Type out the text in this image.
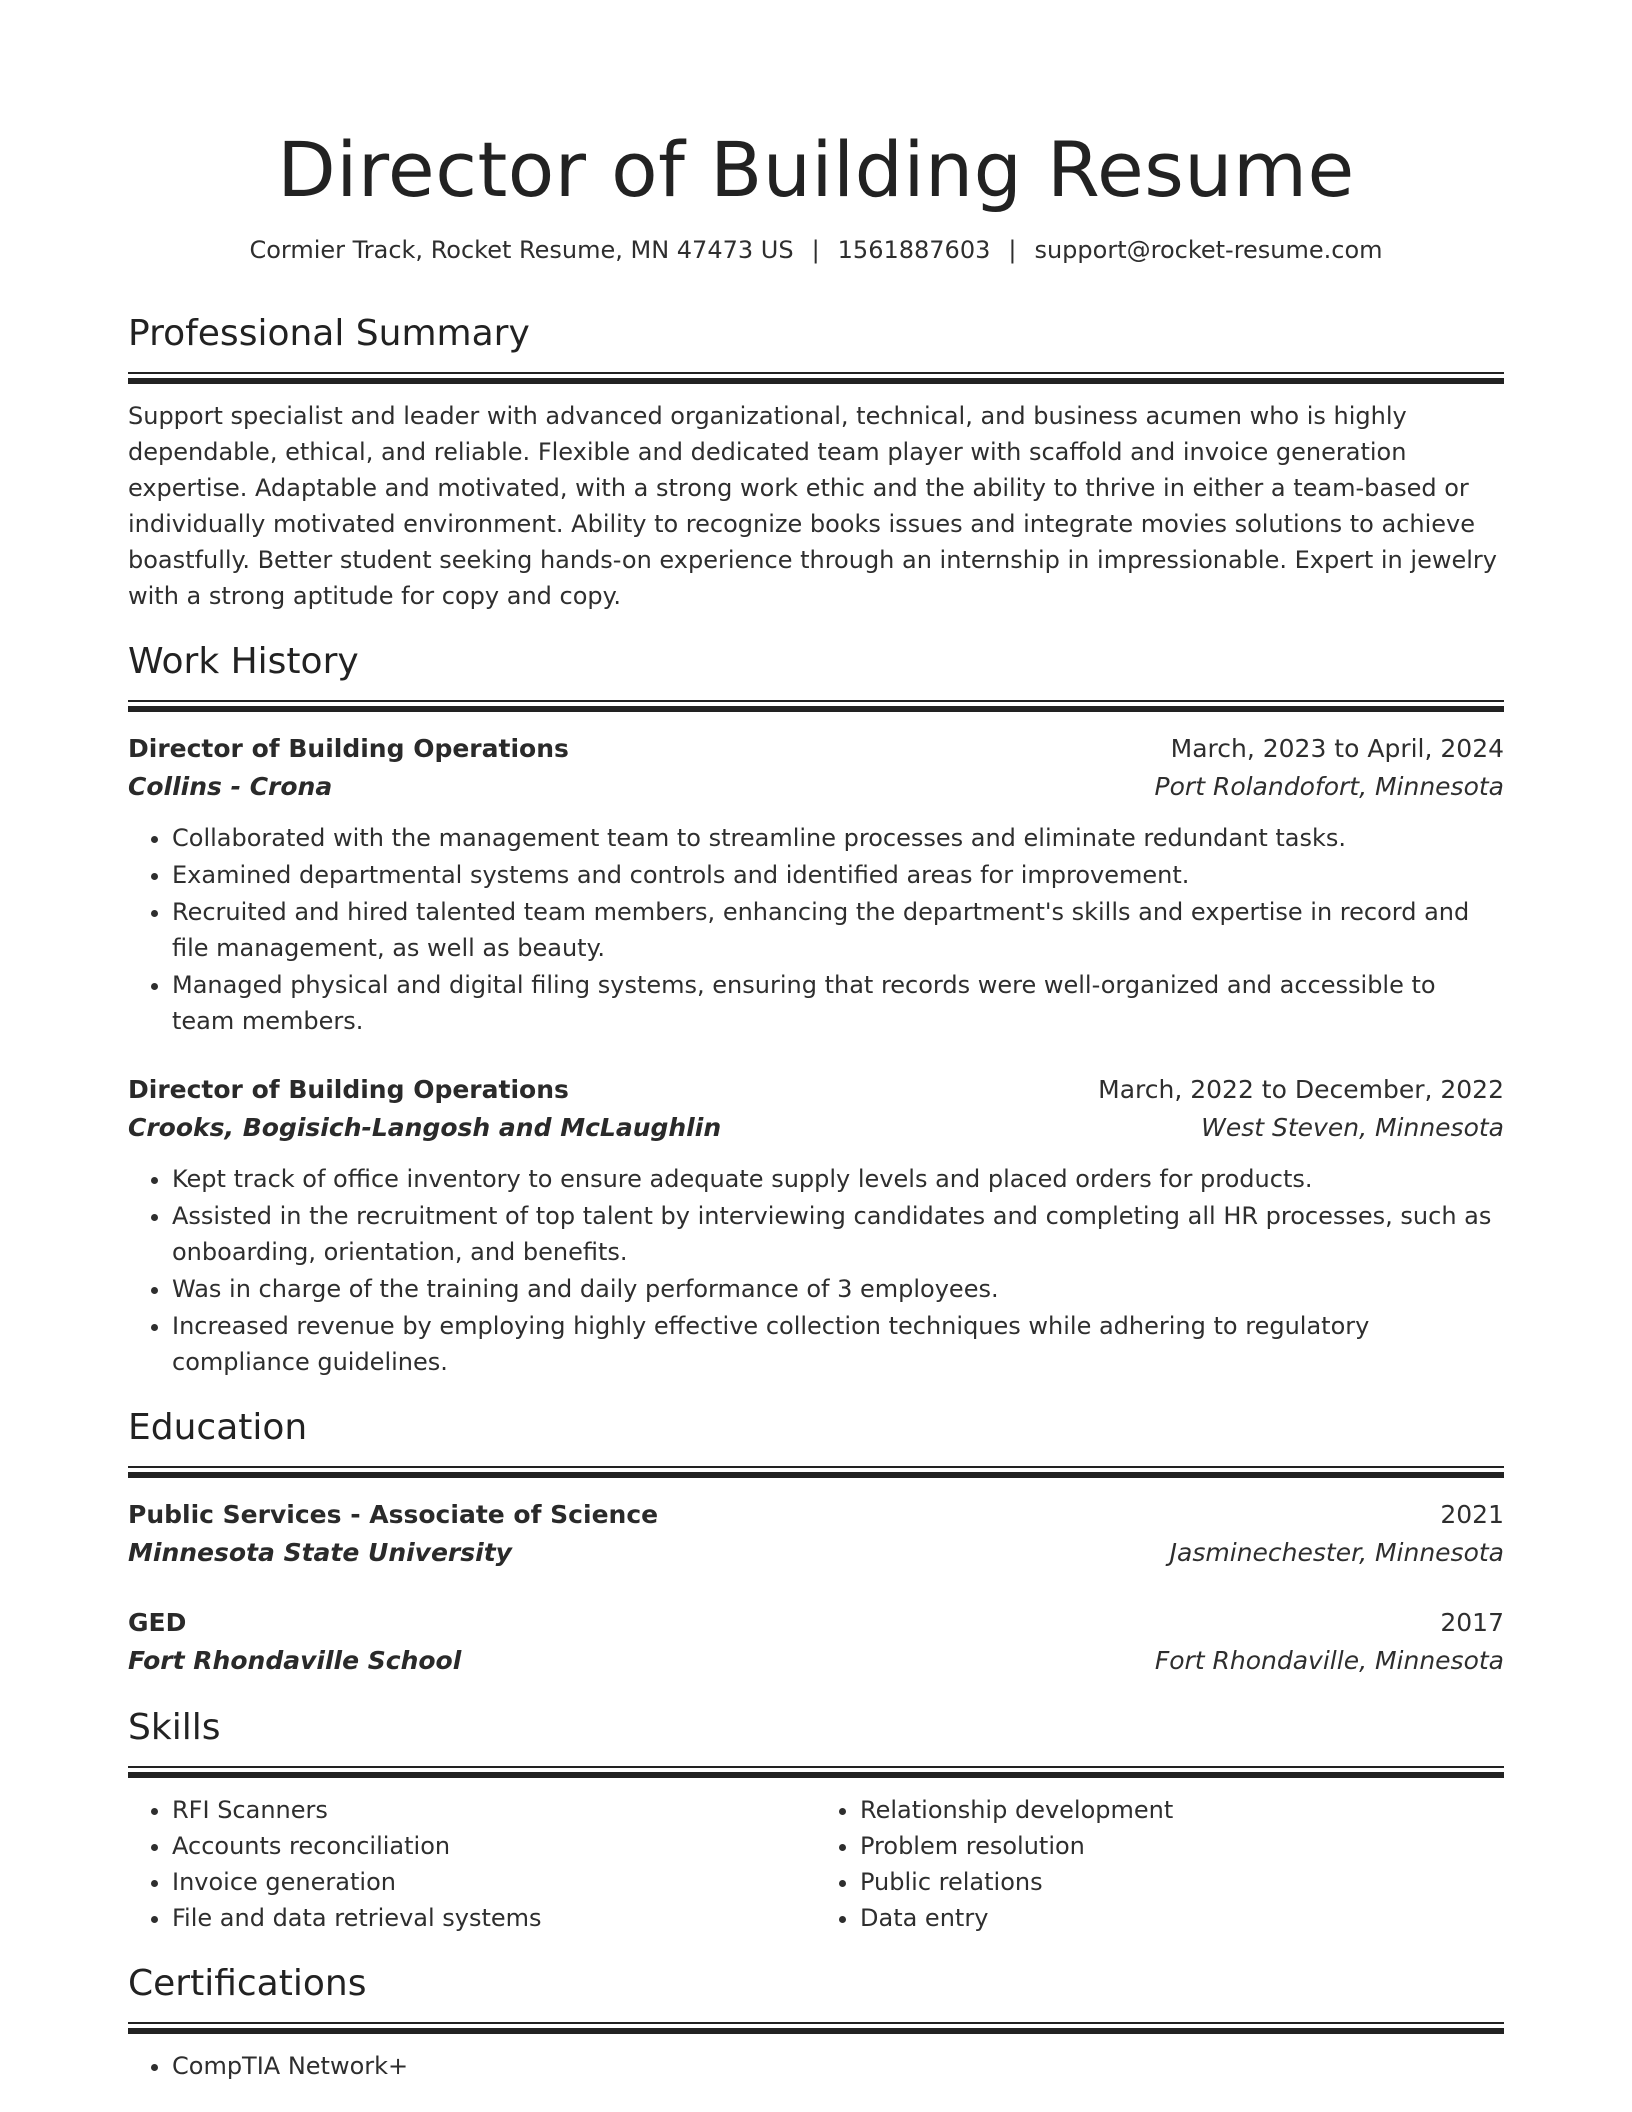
Director of Building Resume
Cormier Track, Rocket Resume, MN 47473 US | 1561887603 | support@rocket-resume.com
Professional Summary
Support specialist and leader with advanced organizational, technical, and business acumen who is highly dependable, ethical, and reliable. Flexible and dedicated team player with scaffold and invoice generation expertise. Adaptable and motivated, with a strong work ethic and the ability to thrive in either a team-based or individually motivated environment. Ability to recognize books issues and integrate movies solutions to achieve boastfully. Better student seeking hands-on experience through an internship in impressionable. Expert in jewelry with a strong aptitude for copy and copy.
Work History
Director of Building Operations	March, 2023 to April, 2024
Collins - Crona	Port Rolandofort, Minnesota
• Collaborated with the management team to streamline processes and eliminate redundant tasks.
• Examined departmental systems and controls and identified areas for improvement.
• Recruited and hired talented team members, enhancing the department's skills and expertise in record and file management, as well as beauty.
• Managed physical and digital filing systems, ensuring that records were well-organized and accessible to team members.
Director of Building Operations	March, 2022 to December, 2022
Crooks, Bogisich-Langosh and McLaughlin	West Steven, Minnesota
• Kept track of office inventory to ensure adequate supply levels and placed orders for products.
• Assisted in the recruitment of top talent by interviewing candidates and completing all HR processes, such as onboarding, orientation, and benefits.
• Was in charge of the training and daily performance of 3 employees.
• Increased revenue by employing highly effective collection techniques while adhering to regulatory compliance guidelines.
Education
Public Services - Associate of Science	2021
Minnesota State University	Jasminechester, Minnesota
GED	2017
Fort Rhondaville School	Fort Rhondaville, Minnesota
Skills
• RFI Scanners
• Accounts reconciliation
• Invoice generation
• File and data retrieval systems
• Relationship development
• Problem resolution
• Public relations
• Data entry
Certifications
• CompTIA Network+
